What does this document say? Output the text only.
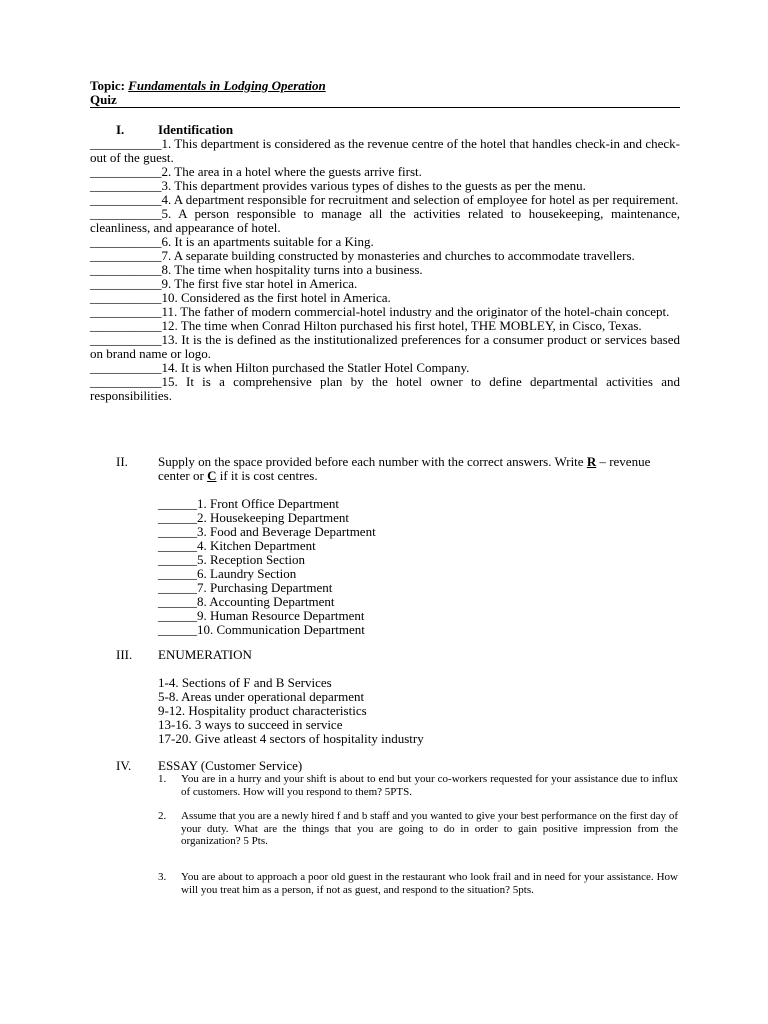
Topic: Fundamentals in Lodging Operation
Quiz
I.	Identification
___________1. This department is considered as the revenue centre of the hotel that handles check-in and check-out of the guest.
___________2. The area in a hotel where the guests arrive first.
___________3. This department provides various types of dishes to the guests as per the menu.
___________4. A department responsible for recruitment and selection of employee for hotel as per requirement.
___________5. A person responsible to manage all the activities related to housekeeping, maintenance, cleanliness, and appearance of hotel.
___________6. It is an apartments suitable for a King.
___________7. A separate building constructed by monasteries and churches to accommodate travellers.
___________8. The time when hospitality turns into a business.
___________9. The first five star hotel in America.
___________10. Considered as the first hotel in America.
___________11. The father of modern commercial-hotel industry and the originator of the hotel-chain concept.
___________12. The time when Conrad Hilton purchased his first hotel, THE MOBLEY, in Cisco, Texas.
___________13. It is the is defined as the institutionalized preferences for a consumer product or services based on brand name or logo.
___________14. It is when Hilton purchased the Statler Hotel Company.
___________15. It is a comprehensive plan by the hotel owner to define departmental activities and responsibilities.
II. Supply on the space provided before each number with the correct answers. Write R – revenue center or C if it is cost centres.
______1. Front Office Department
______2. Housekeeping Department
______3. Food and Beverage Department
______4. Kitchen Department
______5. Reception Section
______6. Laundry Section
______7. Purchasing Department
______8. Accounting Department
______9. Human Resource Department
______10. Communication Department
III. ENUMERATION
1-4. Sections of F and B Services
5-8. Areas under operational deparment
9-12. Hospitality product characteristics
13-16. 3 ways to succeed in service
17-20. Give atleast 4 sectors of hospitality industry
IV. ESSAY (Customer Service)
1.	You are in a hurry and your shift is about to end but your co-workers requested for your assistance due to influx of customers. How will you respond to them? 5PTS.
2.	Assume that you are a newly hired f and b staff and you wanted to give your best performance on the first day of your duty. What are the things that you are going to do in order to gain positive impression from the organization? 5 Pts.
3.	You are about to approach a poor old guest in the restaurant who look frail and in need for your assistance. How will you treat him as a person, if not as guest, and respond to the situation? 5pts.
